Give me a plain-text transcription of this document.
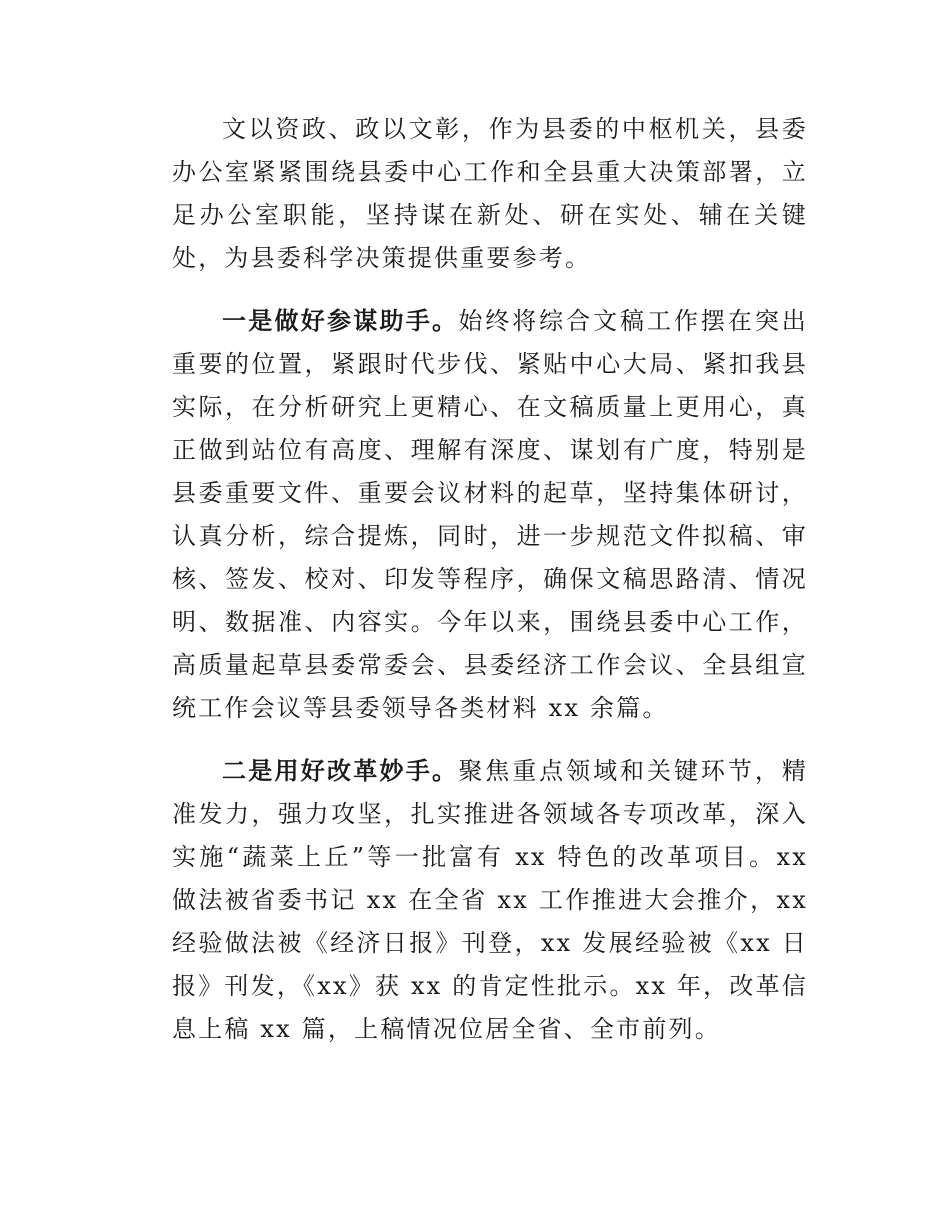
文以资政、政以文彰，作为县委的中枢机关，县委办公室紧紧围绕县委中心工作和全县重大决策部署，立足办公室职能，坚持谋在新处、研在实处、辅在关键处，为县委科学决策提供重要参考。

一是做好参谋助手。始终将综合文稿工作摆在突出重要的位置，紧跟时代步伐、紧贴中心大局、紧扣我县实际，在分析研究上更精心、在文稿质量上更用心，真正做到站位有高度、理解有深度、谋划有广度，特别是县委重要文件、重要会议材料的起草，坚持集体研讨，认真分析，综合提炼，同时，进一步规范文件拟稿、审核、签发、校对、印发等程序，确保文稿思路清、情况明、数据准、内容实。今年以来，围绕县委中心工作，高质量起草县委常委会、县委经济工作会议、全县组宣统工作会议等县委领导各类材料 xx 余篇。

二是用好改革妙手。聚焦重点领域和关键环节，精准发力，强力攻坚，扎实推进各领域各专项改革，深入实施“蔬菜上丘”等一批富有 xx 特色的改革项目。xx 做法被省委书记 xx 在全省 xx 工作推进大会推介，xx 经验做法被《经济日报》刊登，xx 发展经验被《xx 日报》刊发，《xx》获 xx 的肯定性批示。xx 年，改革信息上稿 xx 篇，上稿情况位居全省、全市前列。
